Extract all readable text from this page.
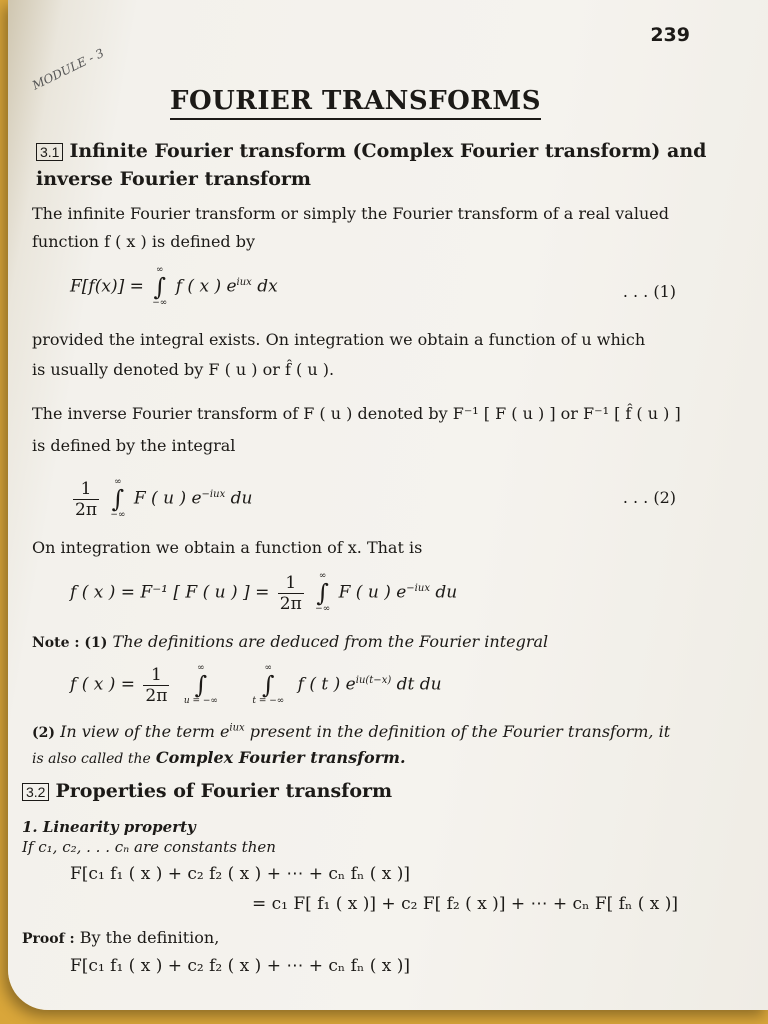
239
MODULE - 3
FOURIER TRANSFORMS
3.1 Infinite Fourier transform (Complex Fourier transform) and
inverse Fourier transform
The infinite Fourier transform or simply the Fourier transform of a real valued
function f ( x ) is defined by
F[f(x)] =
∞
∫
−∞
f ( x ) $e^{iux}$ dx	. . . (1)
provided the integral exists. On integration we obtain a function of u which
is usually denoted by F ( u ) or f̂ ( u ).
The inverse Fourier transform of F ( u ) denoted by F⁻¹ [ F ( u ) ] or F⁻¹ [ f̂ ( u ) ]
is defined by the integral
$\frac{1}{2\pi}$
	∞
∫
−∞
F ( u ) $e^{-iux}$ du	. . . (2)
On integration we obtain a function of x. That is
f ( x ) = F⁻¹ [ F ( u ) ] = $\frac{1}{2\pi}$
	∞
∫
−∞
F ( u ) $e^{-iux}$ du
Note : (1) The definitions are deduced from the Fourier integral
f ( x ) = $\frac{1}{2\pi}$
	∞
∫
u = −∞

∞
∫
t = −∞
f ( t ) $e^{iu(t-x)}$ dt du
(2) In view of the term $e^{iux}$ present in the definition of the Fourier transform, it
is also called the Complex Fourier transform.
3.2 Properties of Fourier transform
1. Linearity property
If c₁, c₂, . . . cₙ are constants then
F[c₁ f₁ ( x ) + c₂ f₂ ( x ) + ⋯ + cₙ fₙ ( x )]
= c₁ F[ f₁ ( x )] + c₂ F[ f₂ ( x )] + ⋯ + cₙ F[ fₙ ( x )]
Proof : By the definition,
F[c₁ f₁ ( x ) + c₂ f₂ ( x ) + ⋯ + cₙ fₙ ( x )]
